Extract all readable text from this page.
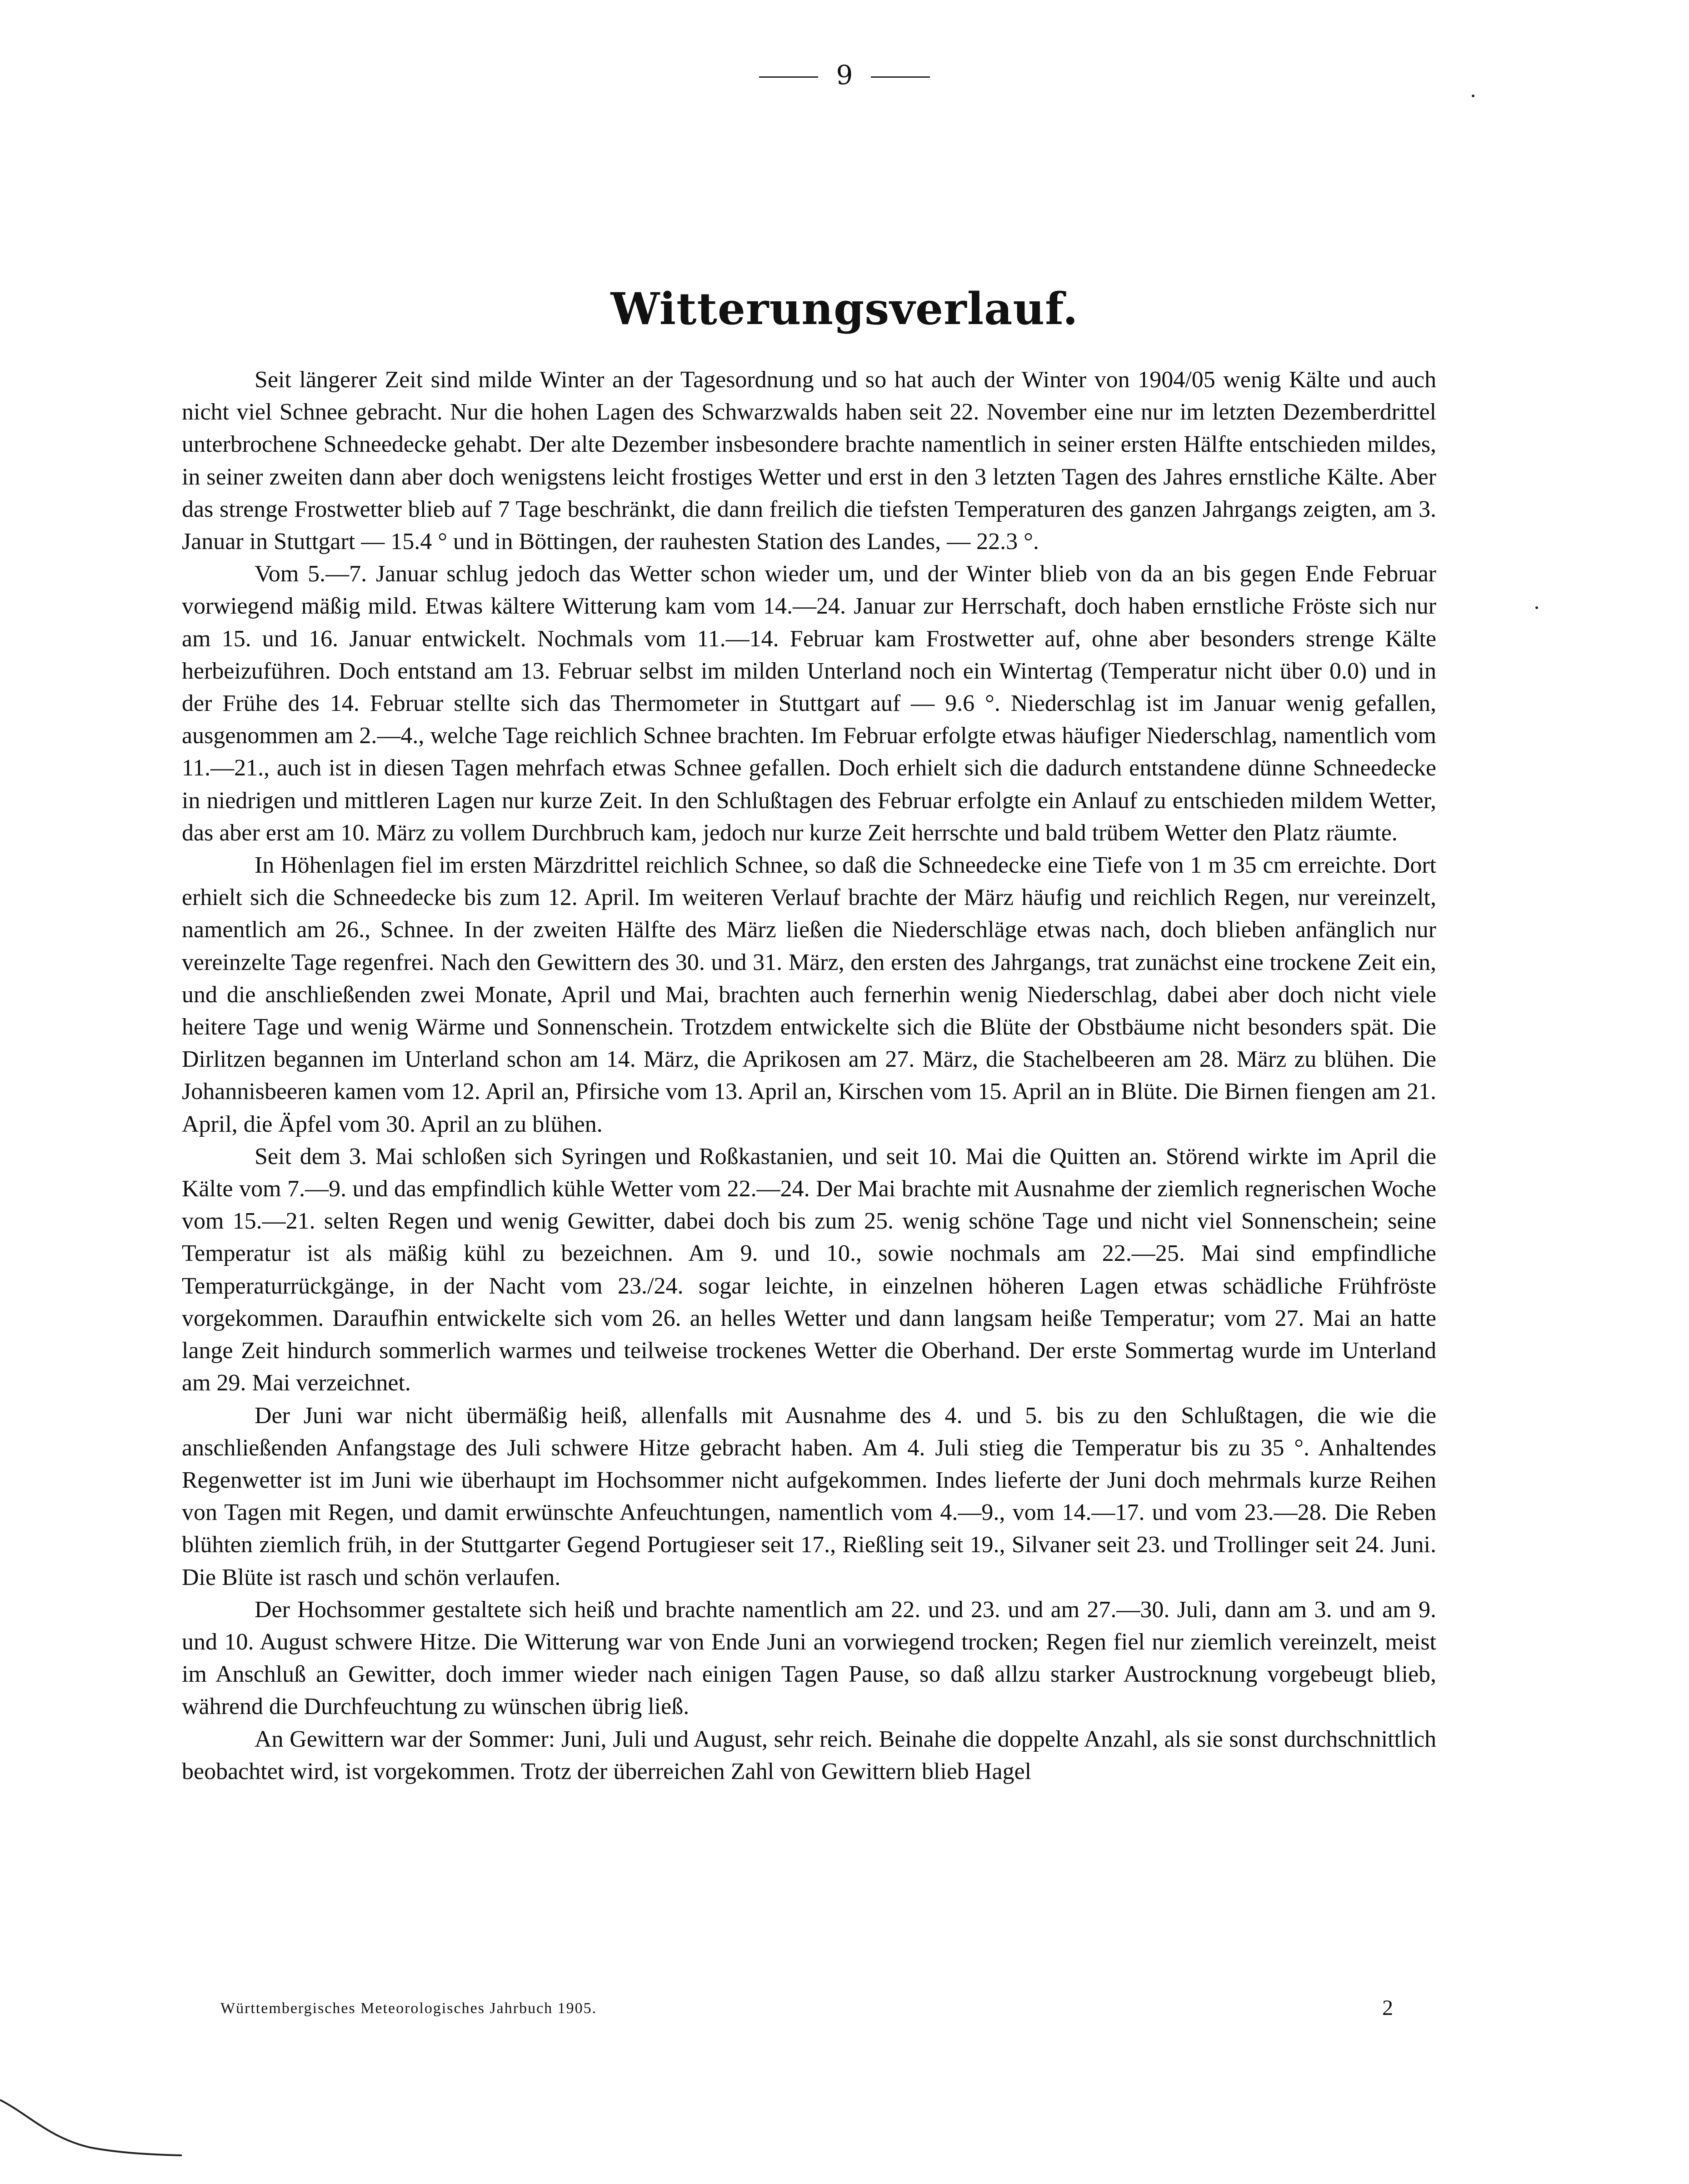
9
Witterungsverlauf.

Seit längerer Zeit sind milde Winter an der Tagesordnung und so hat auch der Winter von 1904/05 wenig Kälte und auch nicht viel Schnee gebracht. Nur die hohen Lagen des Schwarzwalds haben seit 22. November eine nur im letzten Dezemberdrittel unterbrochene Schneedecke gehabt. Der alte Dezember insbesondere brachte namentlich in seiner ersten Hälfte entschieden mildes, in seiner zweiten dann aber doch wenigstens leicht frostiges Wetter und erst in den 3 letzten Tagen des Jahres ernstliche Kälte. Aber das strenge Frostwetter blieb auf 7 Tage beschränkt, die dann freilich die tiefsten Temperaturen des ganzen Jahrgangs zeigten, am 3. Januar in Stuttgart — 15.4 ° und in Böttingen, der rauhesten Station des Landes, — 22.3 °.

Vom 5.—7. Januar schlug jedoch das Wetter schon wieder um, und der Winter blieb von da an bis gegen Ende Februar vorwiegend mäßig mild. Etwas kältere Witterung kam vom 14.—24. Januar zur Herrschaft, doch haben ernstliche Fröste sich nur am 15. und 16. Januar entwickelt. Nochmals vom 11.—14. Februar kam Frostwetter auf, ohne aber besonders strenge Kälte herbeizuführen. Doch entstand am 13. Februar selbst im milden Unterland noch ein Wintertag (Temperatur nicht über 0.0) und in der Frühe des 14. Februar stellte sich das Thermometer in Stuttgart auf — 9.6 °. Niederschlag ist im Januar wenig gefallen, ausgenommen am 2.—4., welche Tage reichlich Schnee brachten. Im Februar erfolgte etwas häufiger Niederschlag, namentlich vom 11.—21., auch ist in diesen Tagen mehrfach etwas Schnee gefallen. Doch erhielt sich die dadurch entstandene dünne Schneedecke in niedrigen und mittleren Lagen nur kurze Zeit. In den Schlußtagen des Februar erfolgte ein Anlauf zu entschieden mildem Wetter, das aber erst am 10. März zu vollem Durchbruch kam, jedoch nur kurze Zeit herrschte und bald trübem Wetter den Platz räumte.

In Höhenlagen fiel im ersten Märzdrittel reichlich Schnee, so daß die Schneedecke eine Tiefe von 1 m 35 cm erreichte. Dort erhielt sich die Schneedecke bis zum 12. April. Im weiteren Verlauf brachte der März häufig und reichlich Regen, nur vereinzelt, namentlich am 26., Schnee. In der zweiten Hälfte des März ließen die Niederschläge etwas nach, doch blieben anfänglich nur vereinzelte Tage regenfrei. Nach den Gewittern des 30. und 31. März, den ersten des Jahrgangs, trat zunächst eine trockene Zeit ein, und die anschließenden zwei Monate, April und Mai, brachten auch fernerhin wenig Niederschlag, dabei aber doch nicht viele heitere Tage und wenig Wärme und Sonnenschein. Trotzdem entwickelte sich die Blüte der Obstbäume nicht besonders spät. Die Dirlitzen begannen im Unterland schon am 14. März, die Aprikosen am 27. März, die Stachelbeeren am 28. März zu blühen. Die Johannisbeeren kamen vom 12. April an, Pfirsiche vom 13. April an, Kirschen vom 15. April an in Blüte. Die Birnen fiengen am 21. April, die Äpfel vom 30. April an zu blühen.

Seit dem 3. Mai schloßen sich Syringen und Roßkastanien, und seit 10. Mai die Quitten an. Störend wirkte im April die Kälte vom 7.—9. und das empfindlich kühle Wetter vom 22.—24. Der Mai brachte mit Ausnahme der ziemlich regnerischen Woche vom 15.—21. selten Regen und wenig Gewitter, dabei doch bis zum 25. wenig schöne Tage und nicht viel Sonnenschein; seine Temperatur ist als mäßig kühl zu bezeichnen. Am 9. und 10., sowie nochmals am 22.—25. Mai sind empfindliche Temperaturrückgänge, in der Nacht vom 23./24. sogar leichte, in einzelnen höheren Lagen etwas schädliche Frühfröste vorgekommen. Daraufhin entwickelte sich vom 26. an helles Wetter und dann langsam heiße Temperatur; vom 27. Mai an hatte lange Zeit hindurch sommerlich warmes und teilweise trockenes Wetter die Oberhand. Der erste Sommertag wurde im Unterland am 29. Mai verzeichnet.

Der Juni war nicht übermäßig heiß, allenfalls mit Ausnahme des 4. und 5. bis zu den Schlußtagen, die wie die anschließenden Anfangstage des Juli schwere Hitze gebracht haben. Am 4. Juli stieg die Temperatur bis zu 35 °. Anhaltendes Regenwetter ist im Juni wie überhaupt im Hochsommer nicht aufgekommen. Indes lieferte der Juni doch mehrmals kurze Reihen von Tagen mit Regen, und damit erwünschte Anfeuchtungen, namentlich vom 4.—9., vom 14.—17. und vom 23.—28. Die Reben blühten ziemlich früh, in der Stuttgarter Gegend Portugieser seit 17., Rießling seit 19., Silvaner seit 23. und Trollinger seit 24. Juni. Die Blüte ist rasch und schön verlaufen.

Der Hochsommer gestaltete sich heiß und brachte namentlich am 22. und 23. und am 27.—30. Juli, dann am 3. und am 9. und 10. August schwere Hitze. Die Witterung war von Ende Juni an vorwiegend trocken; Regen fiel nur ziemlich vereinzelt, meist im Anschluß an Gewitter, doch immer wieder nach einigen Tagen Pause, so daß allzu starker Austrocknung vorgebeugt blieb, während die Durchfeuchtung zu wünschen übrig ließ.

An Gewittern war der Sommer: Juni, Juli und August, sehr reich. Beinahe die doppelte Anzahl, als sie sonst durchschnittlich beobachtet wird, ist vorgekommen. Trotz der überreichen Zahl von Gewittern blieb Hagel

Württembergisches Meteorologisches Jahrbuch 1905.	2
